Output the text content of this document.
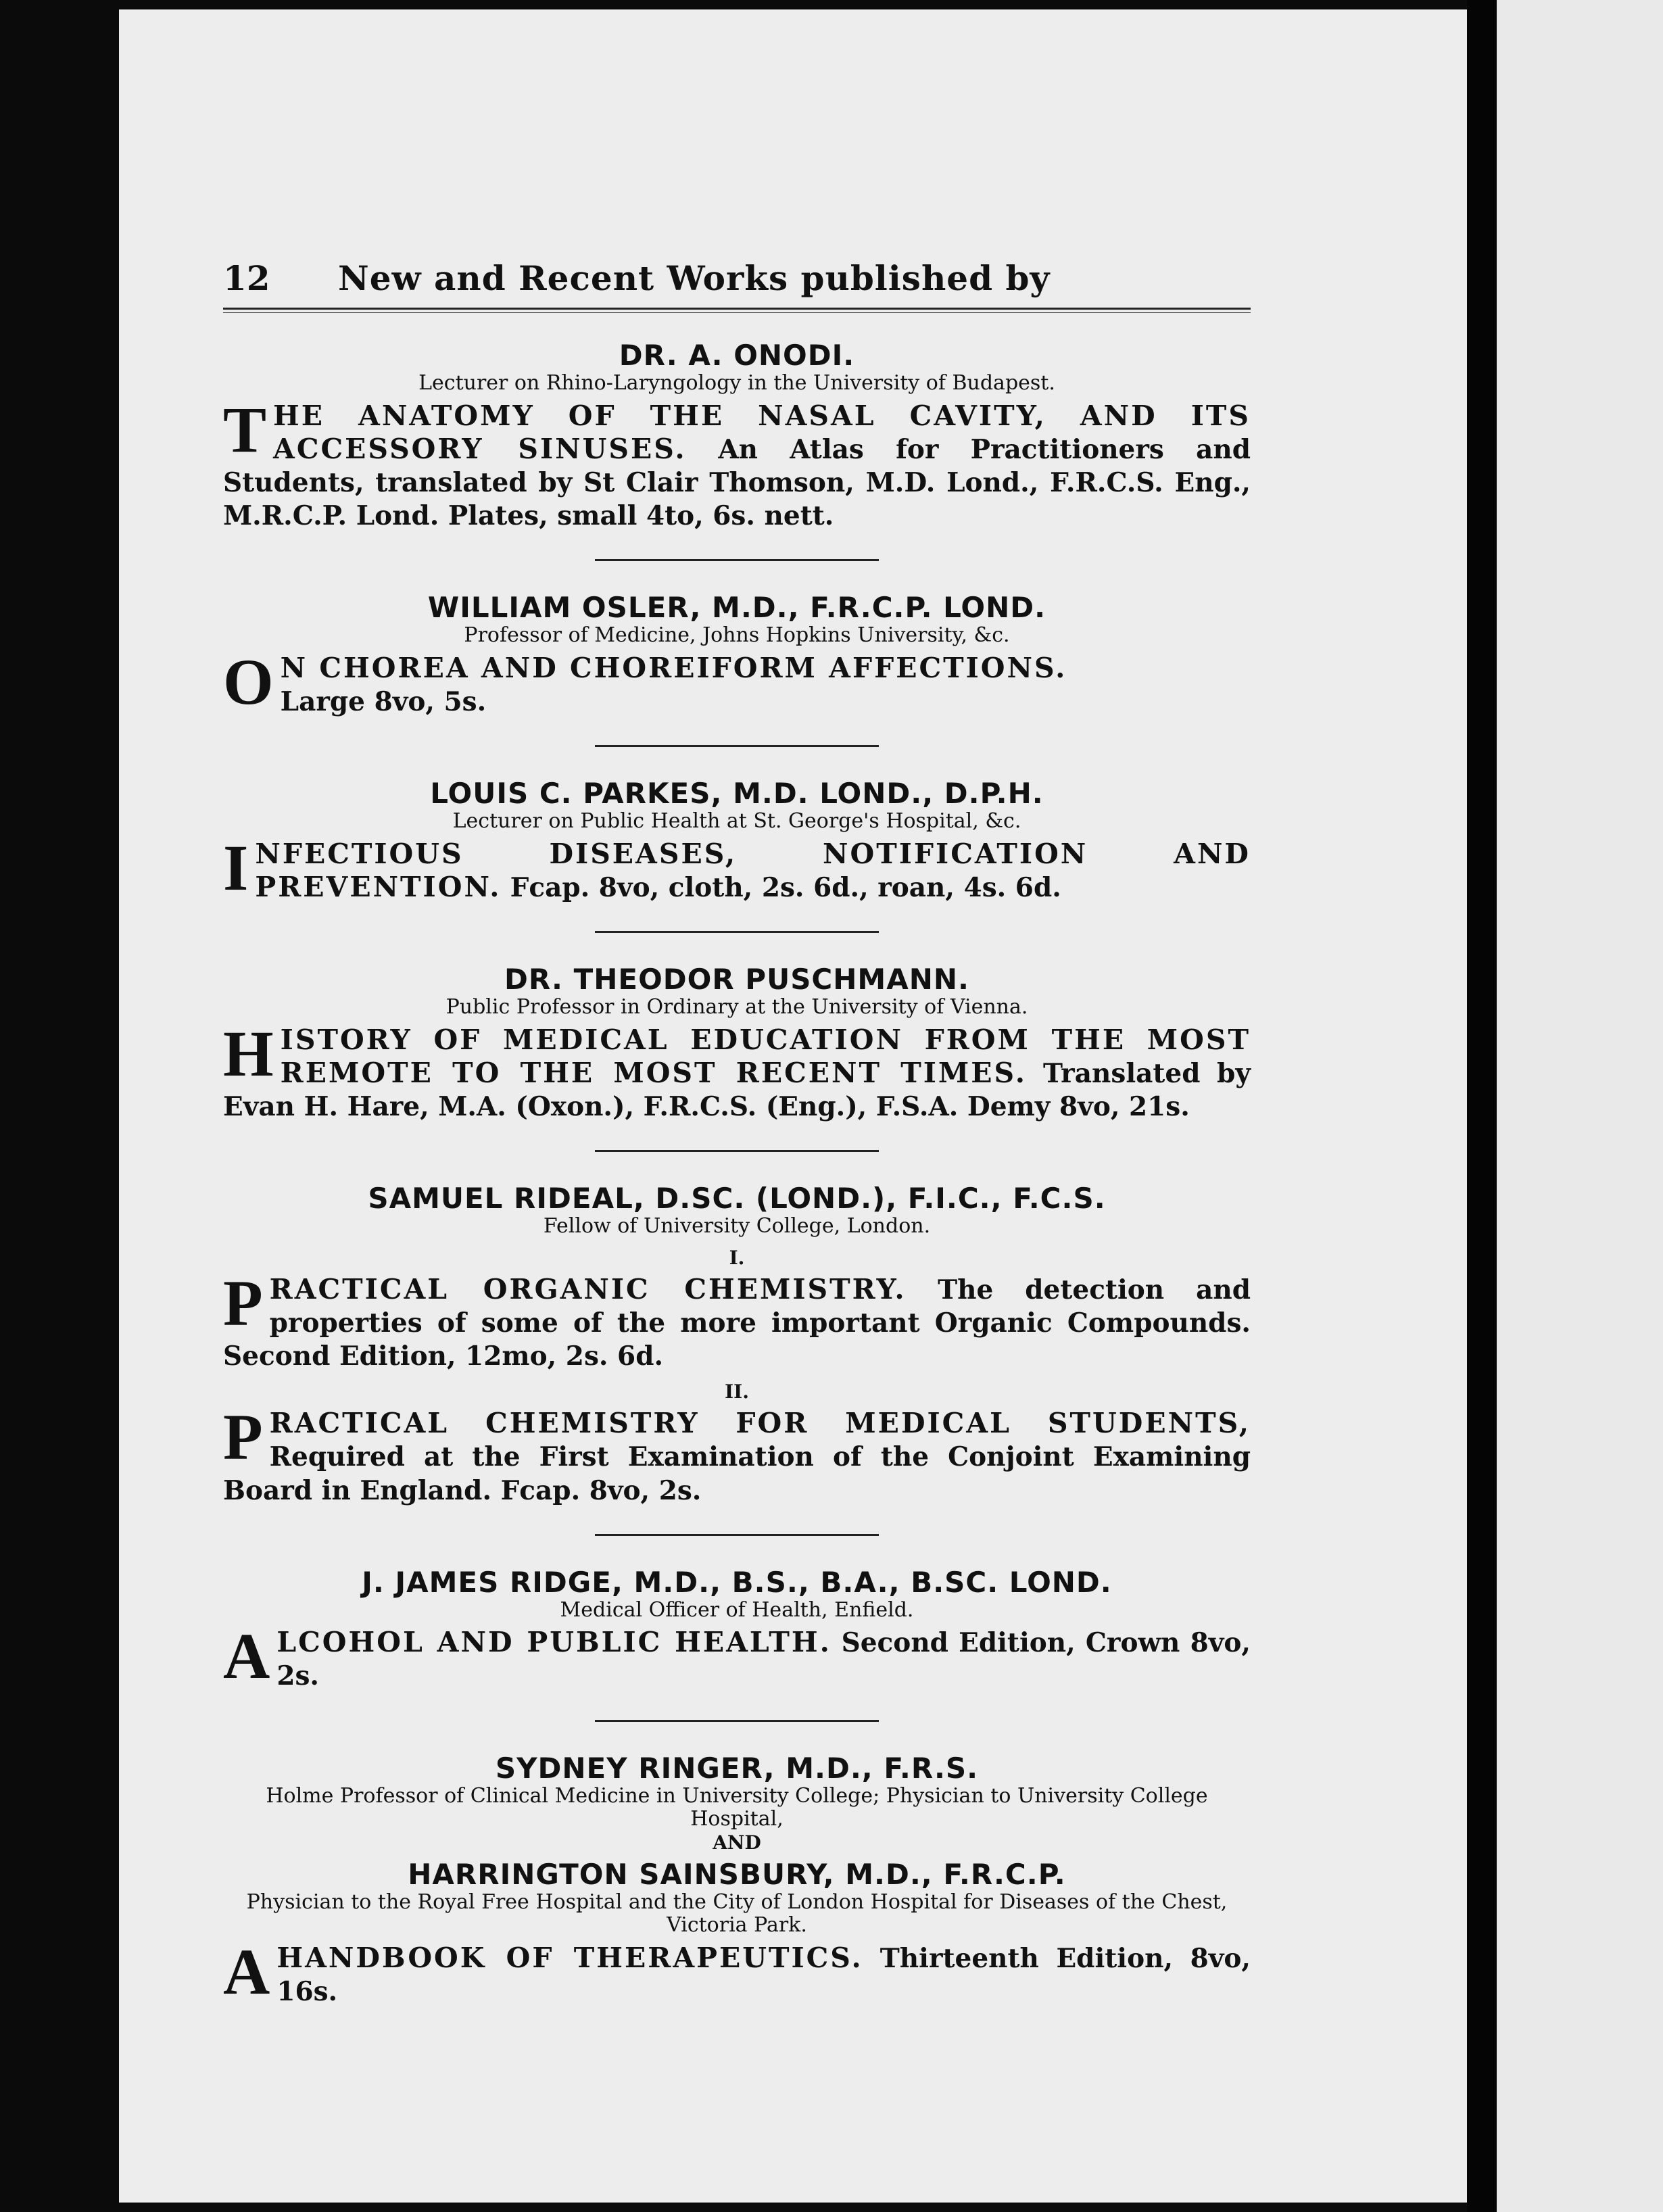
12	New and Recent Works published by
DR. A. ONODI.
Lecturer on Rhino-Laryngology in the University of Budapest.
T HE ANATOMY OF THE NASAL CAVITY, AND ITS ACCESSORY SINUSES. An Atlas for Practitioners and Students, translated by St Clair Thomson, M.D. Lond., F.R.C.S. Eng., M.R.C.P. Lond. Plates, small 4to, 6s. nett.
WILLIAM OSLER, M.D., F.R.C.P. LOND.
Professor of Medicine, Johns Hopkins University, &c.
O N CHOREA AND CHOREIFORM AFFECTIONS.
Large 8vo, 5s.
LOUIS C. PARKES, M.D. LOND., D.P.H.
Lecturer on Public Health at St. George's Hospital, &c.
I NFECTIOUS DISEASES, NOTIFICATION AND PREVENTION. Fcap. 8vo, cloth, 2s. 6d., roan, 4s. 6d.
DR. THEODOR PUSCHMANN.
Public Professor in Ordinary at the University of Vienna.
H ISTORY OF MEDICAL EDUCATION FROM THE MOST REMOTE TO THE MOST RECENT TIMES. Translated by Evan H. Hare, M.A. (Oxon.), F.R.C.S. (Eng.), F.S.A. Demy 8vo, 21s.
SAMUEL RIDEAL, D.SC. (LOND.), F.I.C., F.C.S.
Fellow of University College, London.
I.
P RACTICAL ORGANIC CHEMISTRY. The detection and properties of some of the more important Organic Compounds. Second Edition, 12mo, 2s. 6d.
II.
P RACTICAL CHEMISTRY FOR MEDICAL STUDENTS, Required at the First Examination of the Conjoint Examining Board in England. Fcap. 8vo, 2s.
J. JAMES RIDGE, M.D., B.S., B.A., B.SC. LOND.
Medical Officer of Health, Enfield.
A LCOHOL AND PUBLIC HEALTH. Second Edition, Crown 8vo, 2s.
SYDNEY RINGER, M.D., F.R.S.
Holme Professor of Clinical Medicine in University College; Physician to University College Hospital,
AND
HARRINGTON SAINSBURY, M.D., F.R.C.P.
Physician to the Royal Free Hospital and the City of London Hospital for Diseases of the Chest, Victoria Park.
A HANDBOOK OF THERAPEUTICS. Thirteenth Edition, 8vo, 16s.
